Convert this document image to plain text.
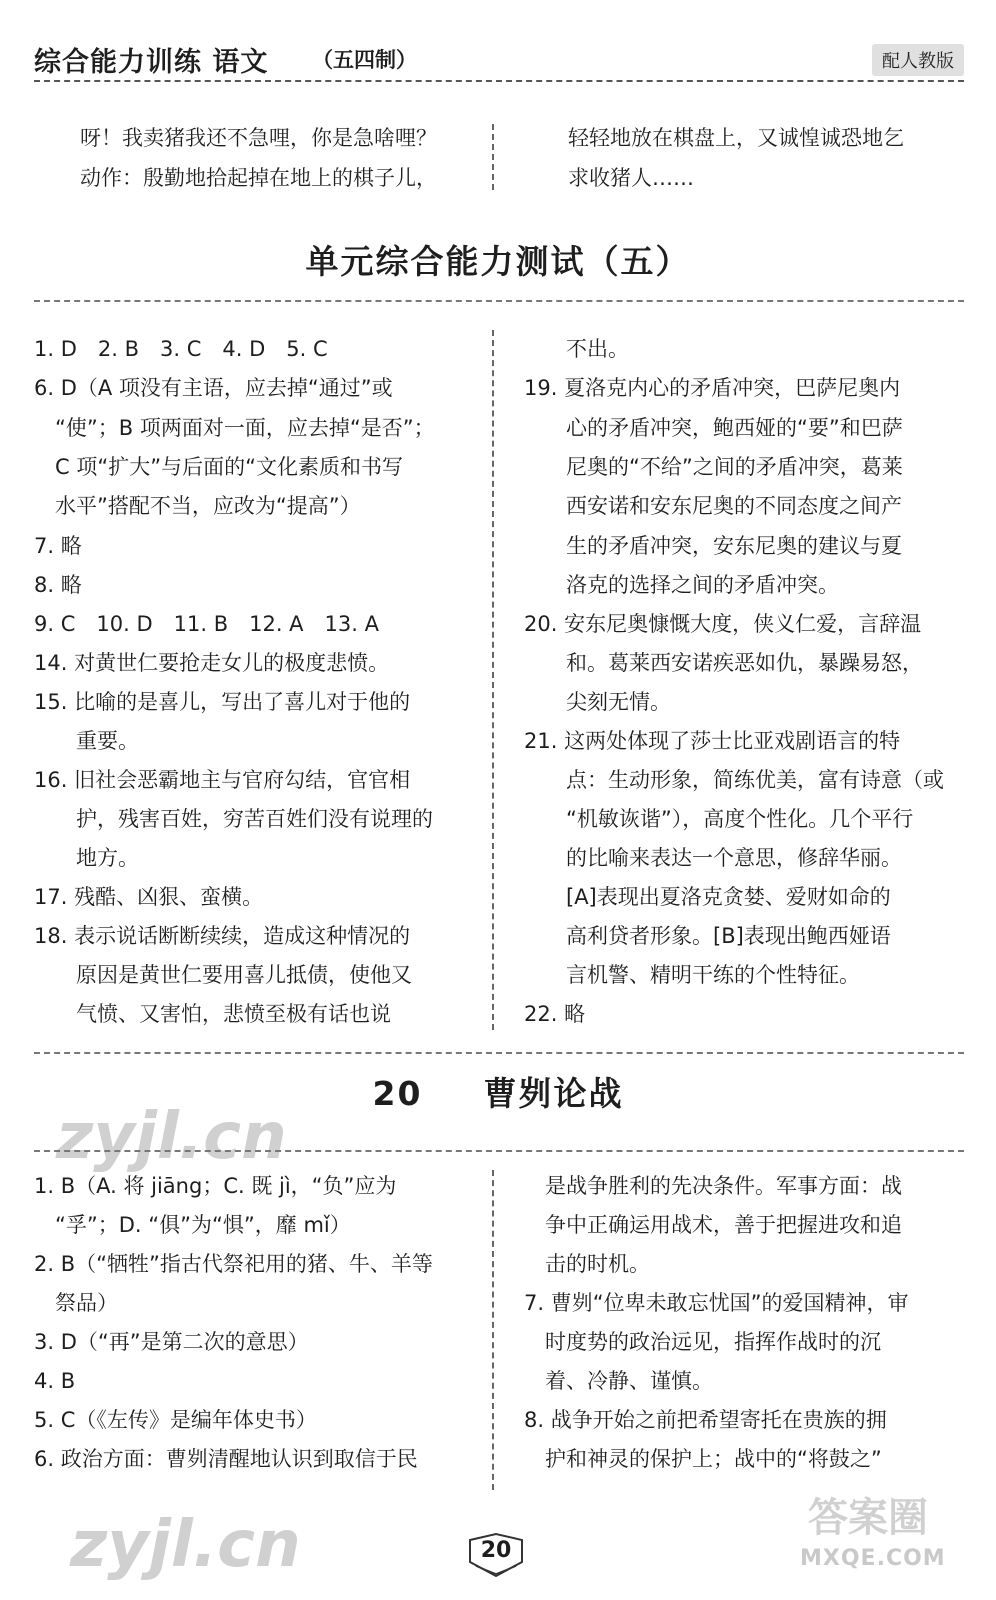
综合能力训练 语文 （五四制）	配人教版
呀！我卖猪我还不急哩，你是急啥哩？
动作：殷勤地拾起掉在地上的棋子儿，
轻轻地放在棋盘上，又诚惶诚恐地乞
求收猪人……
单元综合能力测试（五）
1. D　2. B　3. C　4. D　5. C
6. D（A 项没有主语，应去掉“通过”或
　“使”；B 项两面对一面，应去掉“是否”；
　C 项“扩大”与后面的“文化素质和书写
　水平”搭配不当，应改为“提高”）
7. 略
8. 略
9. C　10. D　11. B　12. A　13. A
14. 对黄世仁要抢走女儿的极度悲愤。
15. 比喻的是喜儿，写出了喜儿对于他的
　　重要。
16. 旧社会恶霸地主与官府勾结，官官相
　　护，残害百姓，穷苦百姓们没有说理的
　　地方。
17. 残酷、凶狠、蛮横。
18. 表示说话断断续续，造成这种情况的
　　原因是黄世仁要用喜儿抵债，使他又
　　气愤、又害怕，悲愤至极有话也说
　　不出。
19. 夏洛克内心的矛盾冲突，巴萨尼奥内
　　心的矛盾冲突，鲍西娅的“要”和巴萨
　　尼奥的“不给”之间的矛盾冲突，葛莱
　　西安诺和安东尼奥的不同态度之间产
　　生的矛盾冲突，安东尼奥的建议与夏
　　洛克的选择之间的矛盾冲突。
20. 安东尼奥慷慨大度，侠义仁爱，言辞温
　　和。葛莱西安诺疾恶如仇，暴躁易怒，
　　尖刻无情。
21. 这两处体现了莎士比亚戏剧语言的特
　　点：生动形象，简练优美，富有诗意（或
　　“机敏诙谐”），高度个性化。几个平行
　　的比喻来表达一个意思，修辞华丽。
　　[A]表现出夏洛克贪婪、爱财如命的
　　高利贷者形象。[B]表现出鲍西娅语
　　言机警、精明干练的个性特征。
22. 略
20 曹刿论战
zyjl.cn
1. B（A. 将 jiāng；C. 既 jì，“负”应为
　“孚”；D. “俱”为“惧”，靡 mǐ）
2. B（“牺牲”指古代祭祀用的猪、牛、羊等
　祭品）
3. D（“再”是第二次的意思）
4. B
5. C（《左传》是编年体史书）
6. 政治方面：曹刿清醒地认识到取信于民
　是战争胜利的先决条件。军事方面：战
　争中正确运用战术，善于把握进攻和追
　击的时机。
7. 曹刿“位卑未敢忘忧国”的爱国精神，审
　时度势的政治远见，指挥作战时的沉
　着、冷静、谨慎。
8. 战争开始之前把希望寄托在贵族的拥
　护和神灵的保护上；战中的“将鼓之”
zyjl.cn	答案圈
MXQE.COM
20
